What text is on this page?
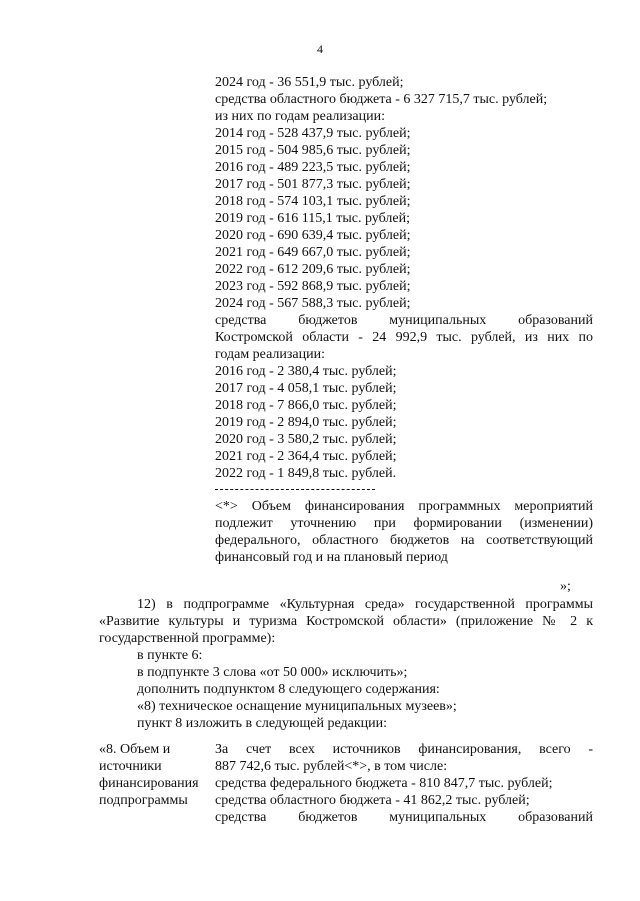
4
2024 год - 36 551,9 тыс. рублей;
средства областного бюджета - 6 327 715,7 тыс. рублей;
из них по годам реализации:
2014 год - 528 437,9 тыс. рублей;
2015 год - 504 985,6 тыс. рублей;
2016 год - 489 223,5 тыс. рублей;
2017 год - 501 877,3 тыс. рублей;
2018 год - 574 103,1 тыс. рублей;
2019 год - 616 115,1 тыс. рублей;
2020 год - 690 639,4 тыс. рублей;
2021 год - 649 667,0 тыс. рублей;
2022 год - 612 209,6 тыс. рублей;
2023 год - 592 868,9 тыс. рублей;
2024 год - 567 588,3 тыс. рублей;
средства бюджетов муниципальных образований
Костромской области - 24 992,9 тыс. рублей, из них по
годам реализации:
2016 год - 2 380,4 тыс. рублей;
2017 год - 4 058,1 тыс. рублей;
2018 год - 7 866,0 тыс. рублей;
2019 год - 2 894,0 тыс. рублей;
2020 год - 3 580,2 тыс. рублей;
2021 год - 2 364,4 тыс. рублей;
2022 год - 1 849,8 тыс. рублей.
<*> Объем финансирования программных мероприятий
подлежит уточнению при формировании (изменении)
федерального, областного бюджетов на соответствующий
финансовый год и на плановый период
»;
12) в подпрограмме «Культурная среда» государственной программы
«Развитие культуры и туризма Костромской области» (приложение № 2 к
государственной программе):
в пункте 6:
в подпункте 3 слова «от 50 000» исключить»;
дополнить подпунктом 8 следующего содержания:
«8) техническое оснащение муниципальных музеев»;
пункт 8 изложить в следующей редакции:
«8. Объем и
источники
финансирования
подпрограммы
За счет всех источников финансирования, всего -
887 742,6 тыс. рублей<*>, в том числе:
средства федерального бюджета - 810 847,7 тыс. рублей;
средства областного бюджета - 41 862,2 тыс. рублей;
средства бюджетов муниципальных образований
